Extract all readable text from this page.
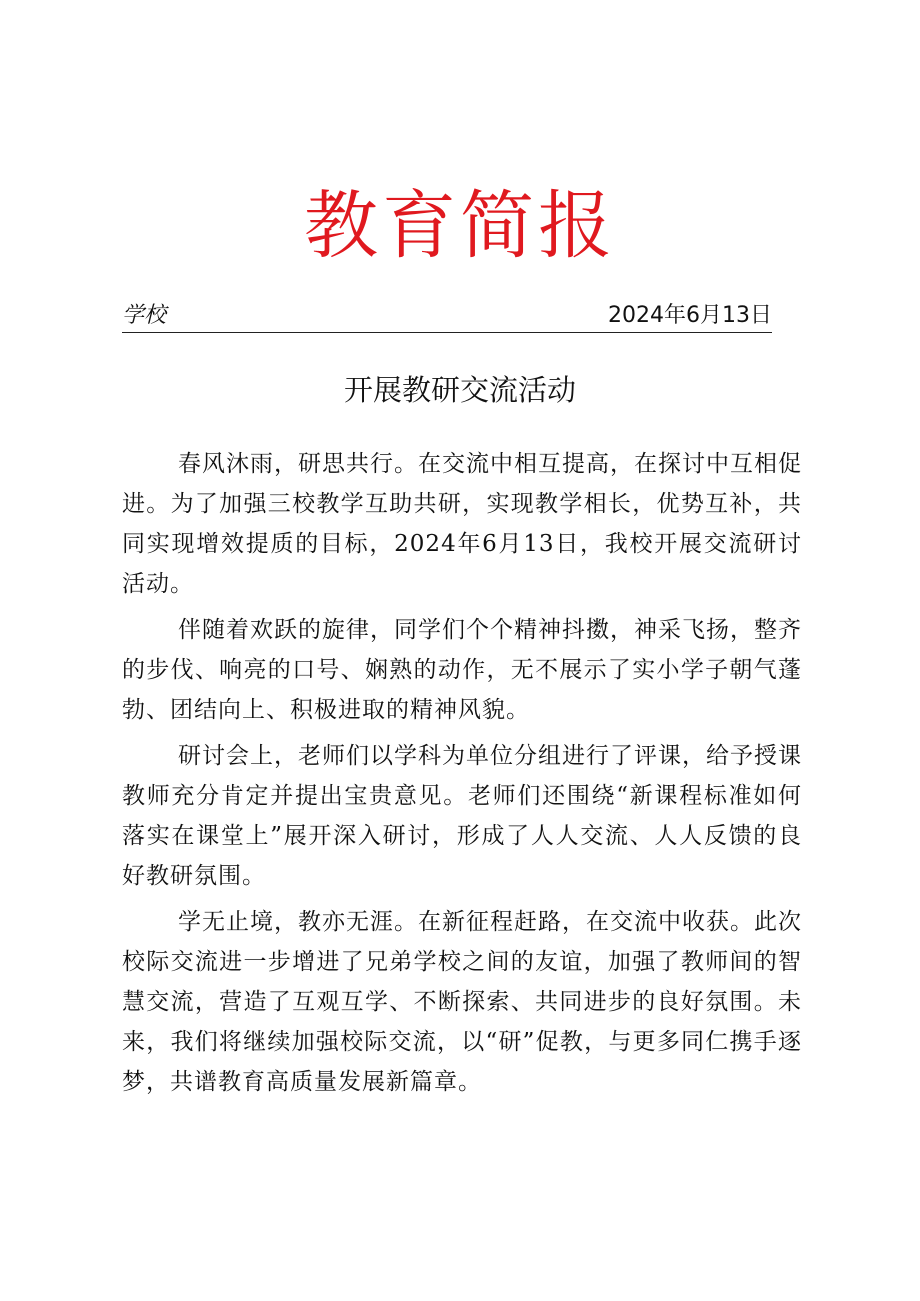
教育简报
学校	2024年6月13日
开展教研交流活动

春风沐雨，研思共行。在交流中相互提高，在探讨中互相促进。为了加强三校教学互助共研，实现教学相长，优势互补，共同实现增效提质的目标，2024年6月13日，我校开展交流研讨活动。

伴随着欢跃的旋律，同学们个个精神抖擞，神采飞扬，整齐的步伐、响亮的口号、娴熟的动作，无不展示了实小学子朝气蓬勃、团结向上、积极进取的精神风貌。

研讨会上，老师们以学科为单位分组进行了评课，给予授课教师充分肯定并提出宝贵意见。老师们还围绕“新课程标准如何落实在课堂上”展开深入研讨，形成了人人交流、人人反馈的良好教研氛围。

学无止境，教亦无涯。在新征程赶路，在交流中收获。此次校际交流进一步增进了兄弟学校之间的友谊，加强了教师间的智慧交流，营造了互观互学、不断探索、共同进步的良好氛围。未来，我们将继续加强校际交流，以“研”促教，与更多同仁携手逐梦，共谱教育高质量发展新篇章。
